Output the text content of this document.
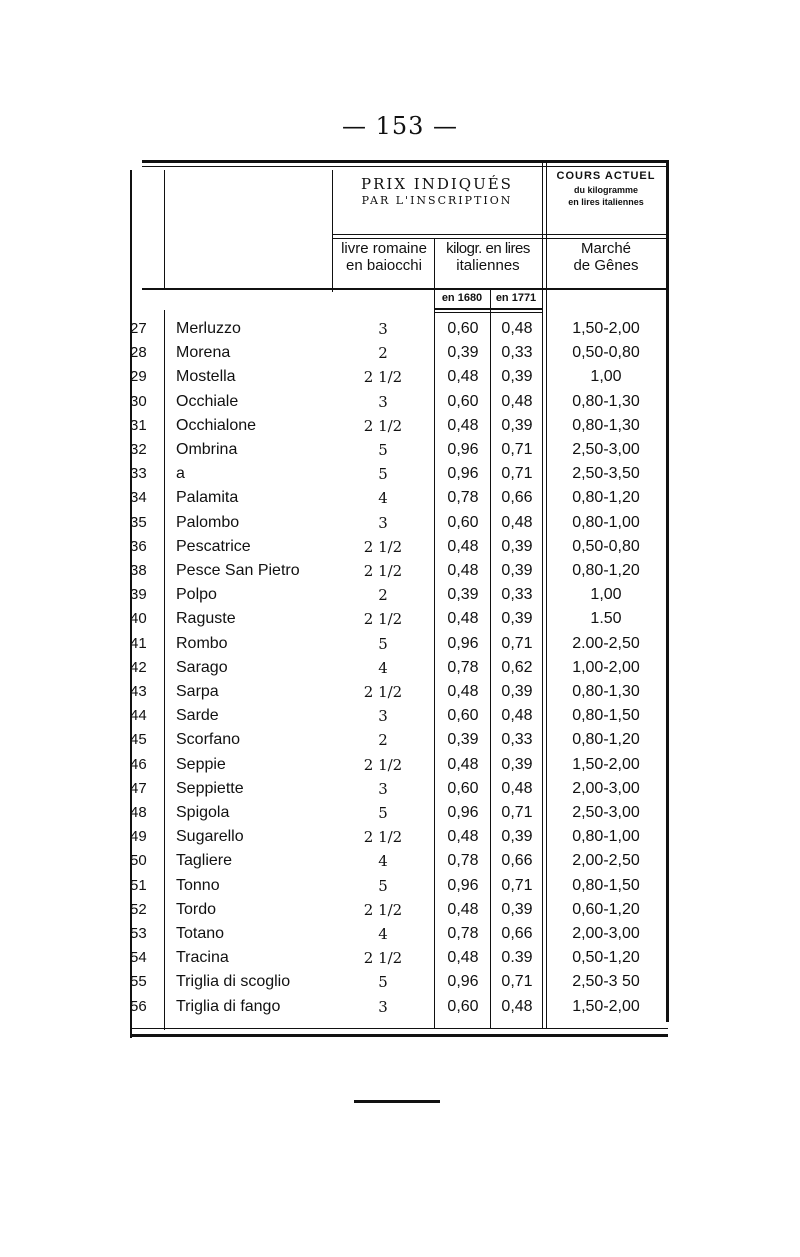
— 153 —
PRIX INDIQUÉS
PAR L'INSCRIPTION
COURS ACTUEL
du kilogramme
en lires italiennes
livre romaine
en baiocchi
kilogr. en lires
italiennes
Marché
de Gênes
en 1680	en 1771
27	Merluzzo	3	0,60	0,48	1,50-2,00
28	Morena	2	0,39	0,33	0,50-0,80
29	Mostella	2 1/2	0,48	0,39	1,00
30	Occhiale	3	0,60	0,48	0,80-1,30
31	Occhialone	2 1/2	0,48	0,39	0,80-1,30
32	Ombrina	5	0,96	0,71	2,50-3,00
33	a	5	0,96	0,71	2,50-3,50
34	Palamita	4	0,78	0,66	0,80-1,20
35	Palombo	3	0,60	0,48	0,80-1,00
36	Pescatrice	2 1/2	0,48	0,39	0,50-0,80
38	Pesce San Pietro	2 1/2	0,48	0,39	0,80-1,20
39	Polpo	2	0,39	0,33	1,00
40	Raguste	2 1/2	0,48	0,39	1.50
41	Rombo	5	0,96	0,71	2.00-2,50
42	Sarago	4	0,78	0,62	1,00-2,00
43	Sarpa	2 1/2	0,48	0,39	0,80-1,30
44	Sarde	3	0,60	0,48	0,80-1,50
45	Scorfano	2	0,39	0,33	0,80-1,20
46	Seppie	2 1/2	0,48	0,39	1,50-2,00
47	Seppiette	3	0,60	0,48	2,00-3,00
48	Spigola	5	0,96	0,71	2,50-3,00
49	Sugarello	2 1/2	0,48	0,39	0,80-1,00
50	Tagliere	4	0,78	0,66	2,00-2,50
51	Tonno	5	0,96	0,71	0,80-1,50
52	Tordo	2 1/2	0,48	0,39	0,60-1,20
53	Totano	4	0,78	0,66	2,00-3,00
54	Tracina	2 1/2	0,48	0.39	0,50-1,20
55	Triglia di scoglio	5	0,96	0,71	2,50-3 50
56	Triglia di fango	3	0,60	0,48	1,50-2,00
